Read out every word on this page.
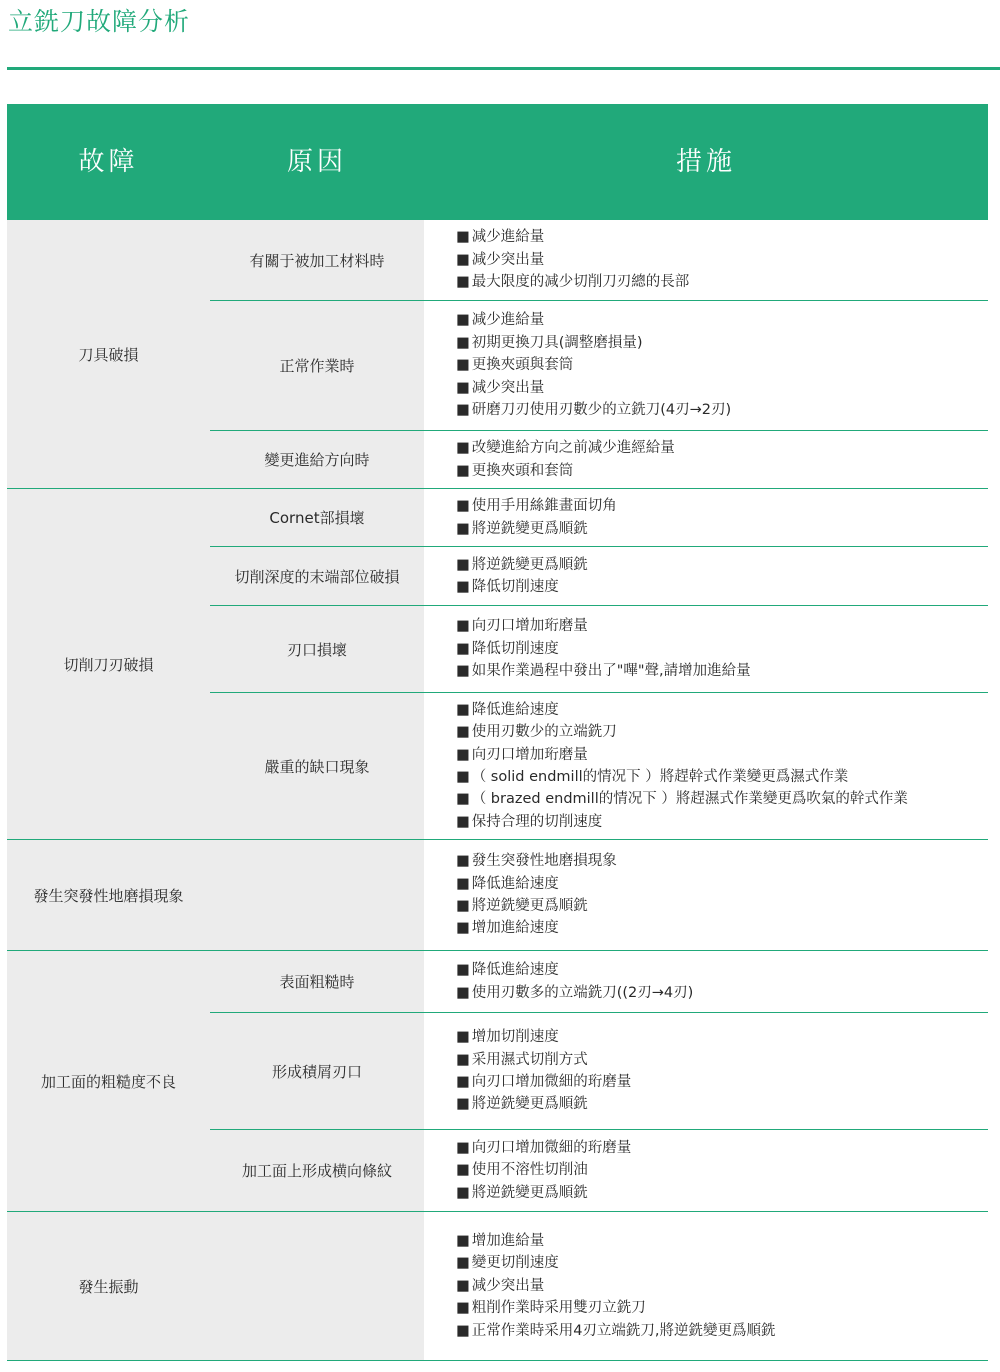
立銑刀故障分析
故障	原因	措施
刀具破損
有關于被加工材料時
■ 减少進給量
■ 减少突出量
■ 最大限度的减少切削刀刃總的長部
正常作業時
■ 减少進給量
■ 初期更換刀具(調整磨損量)
■ 更換夾頭與套筒
■ 减少突出量
■ 研磨刀刃使用刃數少的立銑刀(4刃→2刃)
變更進給方向時
■ 改變進給方向之前减少進經給量
■ 更換夾頭和套筒
切削刀刃破損
Cornet部損壞
■ 使用手用絲錐畫面切角
■ 將逆銑變更爲順銑
切削深度的末端部位破損
■ 將逆銑變更爲順銑
■ 降低切削速度
刃口損壞
■ 向刃口增加珩磨量
■ 降低切削速度
■ 如果作業過程中發出了"嗶"聲,請增加進給量
嚴重的缺口現象
■ 降低進給速度
■ 使用刃數少的立端銑刀
■ 向刃口增加珩磨量
■ （ solid endmill的情况下 ）將趕幹式作業變更爲濕式作業
■ （ brazed endmill的情况下 ）將趕濕式作業變更爲吹氣的幹式作業
■ 保持合理的切削速度
發生突發性地磨損現象
■ 發生突發性地磨損現象
■ 降低進給速度
■ 將逆銑變更爲順銑
■ 增加進給速度
加工面的粗糙度不良
表面粗糙時
■ 降低進給速度
■ 使用刃數多的立端銑刀((2刃→4刃)
形成積屑刃口
■ 增加切削速度
■ 采用濕式切削方式
■ 向刃口增加微細的珩磨量
■ 將逆銑變更爲順銑
加工面上形成横向條紋
■ 向刃口增加微細的珩磨量
■ 使用不溶性切削油
■ 將逆銑變更爲順銑
發生振動
■ 增加進給量
■ 變更切削速度
■ 减少突出量
■ 粗削作業時采用雙刃立銑刀
■ 正常作業時采用4刃立端銑刀,將逆銑變更爲順銑
